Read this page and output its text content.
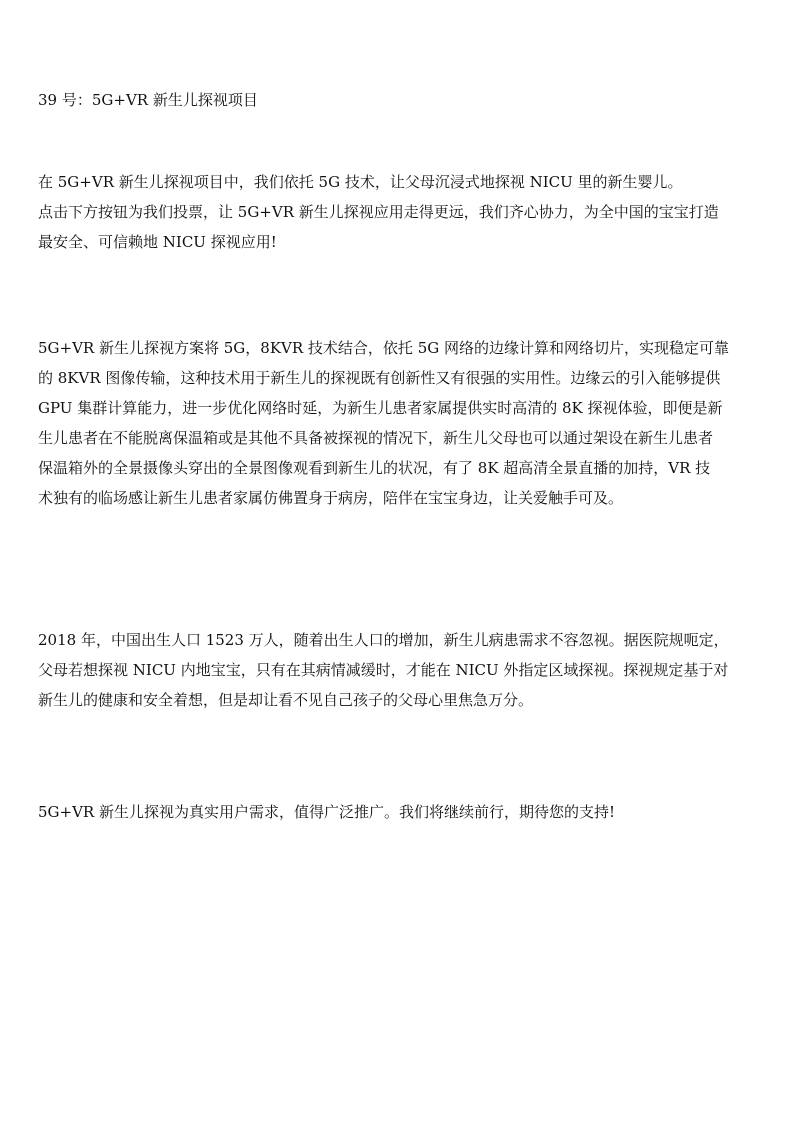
39 号：5G+VR 新生儿探视项目
在 5G+VR 新生儿探视项目中，我们依托 5G 技术，让父母沉浸式地探视 NICU 里的新生婴儿。
点击下方按钮为我们投票，让 5G+VR 新生儿探视应用走得更远，我们齐心协力，为全中国的宝宝打造
最安全、可信赖地 NICU 探视应用!
5G+VR 新生儿探视方案将 5G，8KVR 技术结合，依托 5G 网络的边缘计算和网络切片，实现稳定可靠
的 8KVR 图像传输，这种技术用于新生儿的探视既有创新性又有很强的实用性。边缘云的引入能够提供
GPU 集群计算能力，进一步优化网络时延，为新生儿患者家属提供实时高清的 8K 探视体验，即便是新
生儿患者在不能脱离保温箱或是其他不具备被探视的情况下，新生儿父母也可以通过架设在新生儿患者
保温箱外的全景摄像头穿出的全景图像观看到新生儿的状况，有了 8K 超高清全景直播的加持，VR 技
术独有的临场感让新生儿患者家属仿佛置身于病房，陪伴在宝宝身边，让关爱触手可及。
2018 年，中国出生人口 1523 万人，随着出生人口的增加，新生儿病患需求不容忽视。据医院规呃定，
父母若想探视 NICU 内地宝宝，只有在其病情减缓时，才能在 NICU 外指定区域探视。探视规定基于对
新生儿的健康和安全着想，但是却让看不见自己孩子的父母心里焦急万分。
5G+VR 新生儿探视为真实用户需求，值得广泛推广。我们将继续前行，期待您的支持!
